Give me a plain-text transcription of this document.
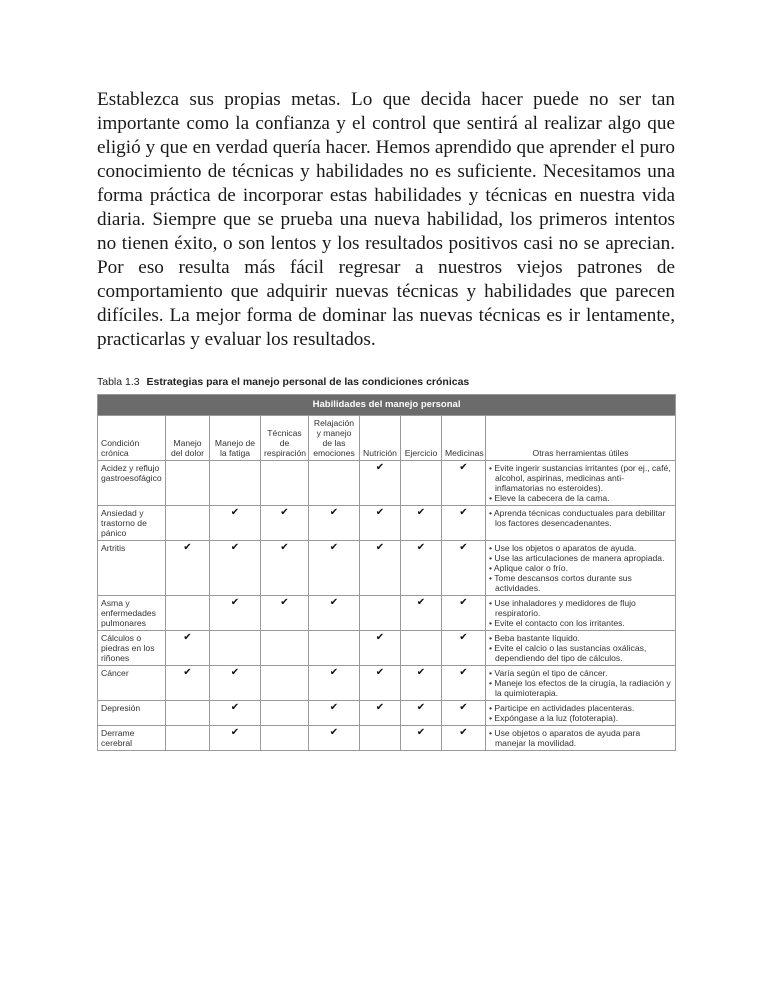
Establezca sus propias metas. Lo que decida hacer puede no ser tan importante como la confianza y el control que sentirá al realizar algo que eligió y que en verdad quería hacer. Hemos aprendido que aprender el puro conocimiento de técnicas y habilidades no es suficiente. Necesitamos una forma práctica de incorporar estas habilidades y técnicas en nuestra vida diaria. Siempre que se prueba una nueva habilidad, los primeros intentos no tienen éxito, o son lentos y los resultados positivos casi no se aprecian. Por eso resulta más fácil regresar a nuestros viejos patrones de comportamiento que adquirir nuevas técnicas y habilidades que parecen difíciles. La mejor forma de dominar las nuevas técnicas es ir lentamente, practicarlas y evaluar los resultados.

Tabla 1.3 Estrategias para el manejo personal de las condiciones crónicas
Habilidades del manejo personal								
Condición crónica	Manejo del dolor	Manejo de la fatiga	Técnicas de respiración	Relajación y manejo de las emociones	Nutrición	Ejercicio	Medicinas	Otras herramientas útiles
Acidez y reflujo gastroesofágico					✔		✔	• Evite ingerir sustancias irritantes (por ej., café, alcohol, aspirinas, medicinas anti-inflamatorias no esteroides).
• Eleve la cabecera de la cama.

Ansiedad y trastorno de pánico		✔	✔	✔	✔	✔	✔	• Aprenda técnicas conductuales para debilitar los factores desencadenantes.

Artritis	✔	✔	✔	✔	✔	✔	✔	• Use los objetos o aparatos de ayuda.
• Use las articulaciones de manera apropiada.
• Aplique calor o frío.
• Tome descansos cortos durante sus actividades.

Asma y enfermedades pulmonares		✔	✔	✔		✔	✔	• Use inhaladores y medidores de flujo respiratorio.
• Evite el contacto con los irritantes.

Cálculos o piedras en los riñones	✔				✔		✔	• Beba bastante líquido.
• Evite el calcio o las sustancias oxálicas, dependiendo del tipo de cálculos.

Cáncer	✔	✔		✔	✔	✔	✔	• Varía según el tipo de cáncer.
• Maneje los efectos de la cirugía, la radiación y la quimioterapia.

Depresión		✔		✔	✔	✔	✔	• Participe en actividades placenteras.
• Expóngase a la luz (fototerapia).

Derrame cerebral		✔		✔		✔	✔	• Use objetos o aparatos de ayuda para manejar la movilidad.
